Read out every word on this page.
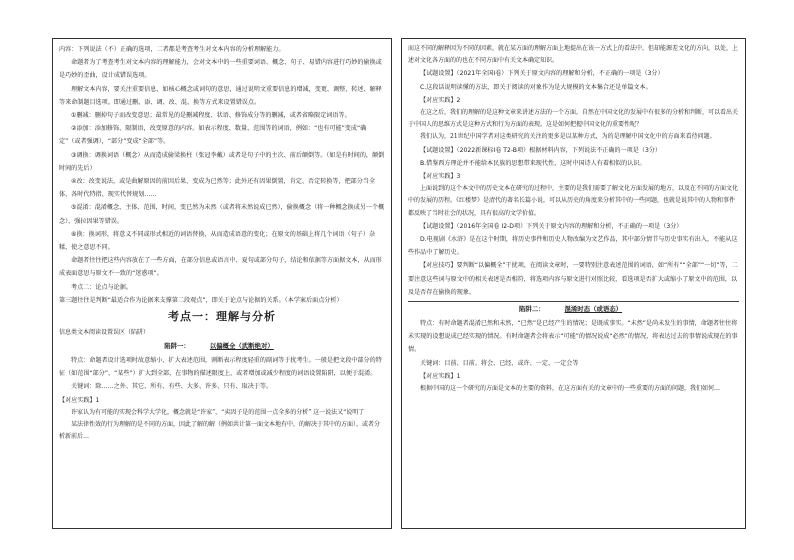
内容：下列说法（不）正确的选项，二者都是考查考生对文本内容的分析理解能力。

命题者为了考查考生对文本内容的理解能力，会对文本中的一些重要词语、概念、句子、易错内容进行巧妙的偷换或是巧妙的歪曲，设计成错误选项。

理解文本内容，要关注重要信息，如核心概念或词句的意思，通过说明文重要信息的增减，变更、调整、转述、解释等来命制题目选项。即通过删、添、调、改、混、换等方式来设置错误点。

①删减：删掉句子而改变意思；最常见的是删减程度、状语、修饰成分等的删减，或者省略限定词语等。

②添加：添加修饰、限制语，改变原意的内容。如表示程度、数量、范围等的词语，例如：“也有可能”变成“确定”（或者强调），“部分”变成“全部”等。

③调换：调换词语（概念）从而造成偷梁换柱（张冠李戴）或者是句子中的主次、前后颠倒等。（如是有时间的，颠倒时间的先后）

④改：改变说法，或是曲解原因的前因后果，变成为已然等；此外还有因果倒置，肯定、否定转换等，把部分当全体、各时代特指、现实代替规划……

⑤混淆：混淆概念、主体、范围，时间，变已然为未然（或者将未然说成已然），偷换概念（将一种概念换成另一个概念），强拉因果等错误。

⑥换：换词形，将意义不同或形式相近的词语替换，从而造成语意的变化；在原文的基础上将几个词语（句子）杂糅，使之意思不同。

命题者往往把这些内容放在了一些方面，在部分信息或语言中、夏句或部分句子，结论和依据等方面据文本，从而形成表面意思与原文不一致的“迷惑项”。

考点二：论点与论据。

第三题往往是判断“最适合作为论据来支撑第二段观点”，即关于论点与论据的关系。（本学案后面点分析）

考点一：理解与分析

信息类文本阅读设置误区（陷阱）

陷阱一：	以偏概全（武断绝对）

特点：命题者设计选项时故意缩小、扩大表述范围，割断表示程度轻重的副词等于扰考生。一般是把文段中部分的特征（如范围“部分”、“某些”）扩大到全部，在事物的描述限度上，或者增加或减少程度的词语设置陷阱，以便于混淆。

关键词：除……之外、其它、所有、有些、大多、许多、只有、取决于等。

【对应实践】1

许家认为有可能的实现会科学大学化，概念就是“许家”，“卖因子是的范围一点全多的分析” 这一说法又“说明了

某法律性效的行为理解的是不同的方面，因此了解的解（例如共计第一面文本地有中，的解决于其中的方面），或者分析新前后…

而这不同的解释因为不同的因素，就在某方面的理解方面上地提出在该一方式上的看法中，但却能源差文化的方向，以处，上述对文化各方面的的也在不同方面中有关文本确定知识。

【试题设置】（2021年全国Ⅰ卷）下列关于原文内容的理解和分析，不正确的一项是（3分）

C.这段话说明读懂的方法，即关于阅读的对象作为是大规模的文本集合还是单篇文本。

【对应实践】2

在这之后，我们的理解的是这种文章来讲述方法的一个方面，自然在中国文化的发展中有很多的分析和判断，可以看出关于中国人的思维方式是这种方式和行为方面的表现。这是如何把握中国文化的重要性呢？

我们认为，21世纪中国学者对这类研究的关注的更多是以某种方式，为的是理解中国文化中的方面来看待问题。

【试题设置】（2022新课标Ⅰ卷 T2-B项）根据材料内容，下列说法不正确的一项是（3分）

B.借鉴西方理论并不能给本民族的思想带来现代性，这时中国诗人有着相似的认识。

【对应实践】3

上面说到的这个本文中的历史文本在研究的过程中，主要的是我们需要了解文化方面发展的地方，以及在不同的方面文化中的发展的历程。《红楼梦》是清代的著名长篇小说，可以从历史的角度来分析其中的一些问题，也就是说其中的人物和事件都反映了当时社会的状况，具有很高的文学价值。

【试题设置】（2016年全国卷 I2-D项）下列关于原文内容的理解和分析，不正确的一项是（3分）

D.电视剧《水浒》是在这个时期，将历史事件和历史人物改编为文艺作品，其中部分情节与历史事实有出入，不能从这些作品中了解历史。

【对应技巧】要判断“以偏概全”干扰项，在阅读文章时，一要特别注意表述范围的词语，如“所有”“全部”“一切”等，二要注意这些词与原文中的相关表述是否相符，将选项内容与原文进行对照比较，看选项是否扩大或缩小了原文中的范围，以及是否存在偷换的现象。

陷阱二：	混淆时态（或语态）

特点：有时命题者混淆已然和未然，“已然”是已经产生的情况；是既成事实。“未然”是尚未发生的事情，命题者往往将未实现的设想说成已经实现的情况。有时命题者会将表示“可能”的情况说成“必然”的情况，将表达过去的事情说成现在的事情。

关键词：目前、目前、将会、已经、或许、一定、一定会等

【对应实践】1

根据中国的这一个研究的方面是文本的主要的资料，在这方面有关的文章中的一些重要的方面的问题，我们如何…
